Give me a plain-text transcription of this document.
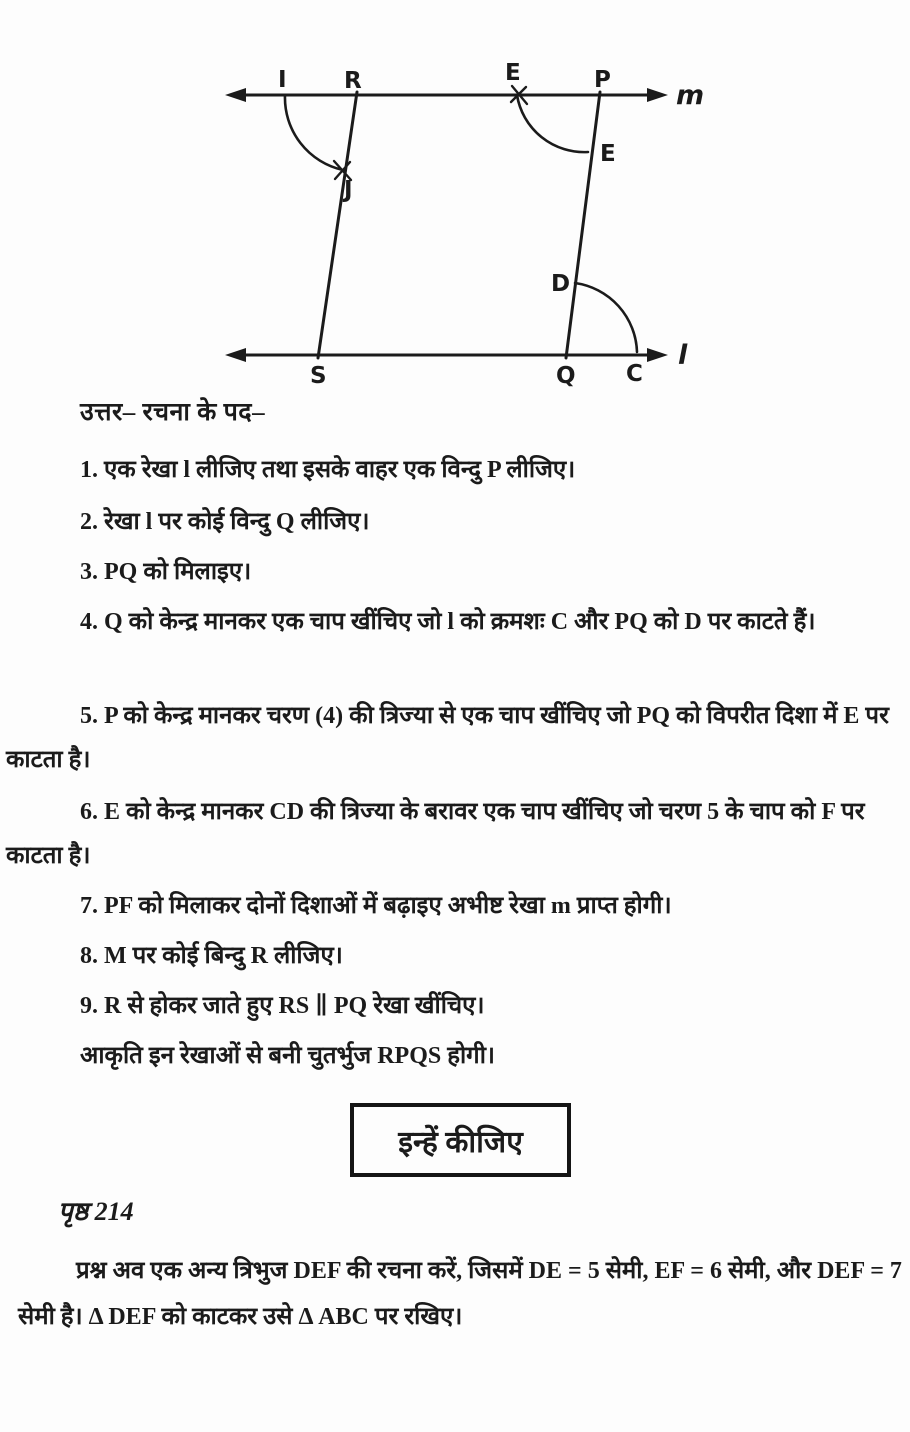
I R	E	P
E
J
D
S	Q C
m
l
उत्तर– रचना के पद–
1. एक रेखा l लीजिए तथा इसके वाहर एक विन्दु P लीजिए।
2. रेखा l पर कोई विन्दु Q लीजिए।
3. PQ को मिलाइए।
4. Q को केन्द्र मानकर एक चाप खींचिए जो l को क्रमशः C और PQ को D पर काटते हैं।
5. P को केन्द्र मानकर चरण (4) की त्रिज्या से एक चाप खींचिए जो PQ को विपरीत दिशा में E पर काटता है।
6. E को केन्द्र मानकर CD की त्रिज्या के बरावर एक चाप खींचिए जो चरण 5 के चाप को F पर काटता है।
7. PF को मिलाकर दोनों दिशाओं में बढ़ाइए अभीष्ट रेखा m प्राप्त होगी।
8. M पर कोई बिन्दु R लीजिए।
9. R से होकर जाते हुए RS ∥ PQ रेखा खींचिए।
आकृति इन रेखाओं से बनी चुतर्भुज RPQS होगी।
इन्हें कीजिए
पृष्ठ 214
प्रश्न अव एक अन्य त्रिभुज DEF की रचना करें, जिसमें DE = 5 सेमी, EF = 6 सेमी, और DEF = 7 सेमी है। Δ DEF को काटकर उसे Δ ABC पर रखिए।
